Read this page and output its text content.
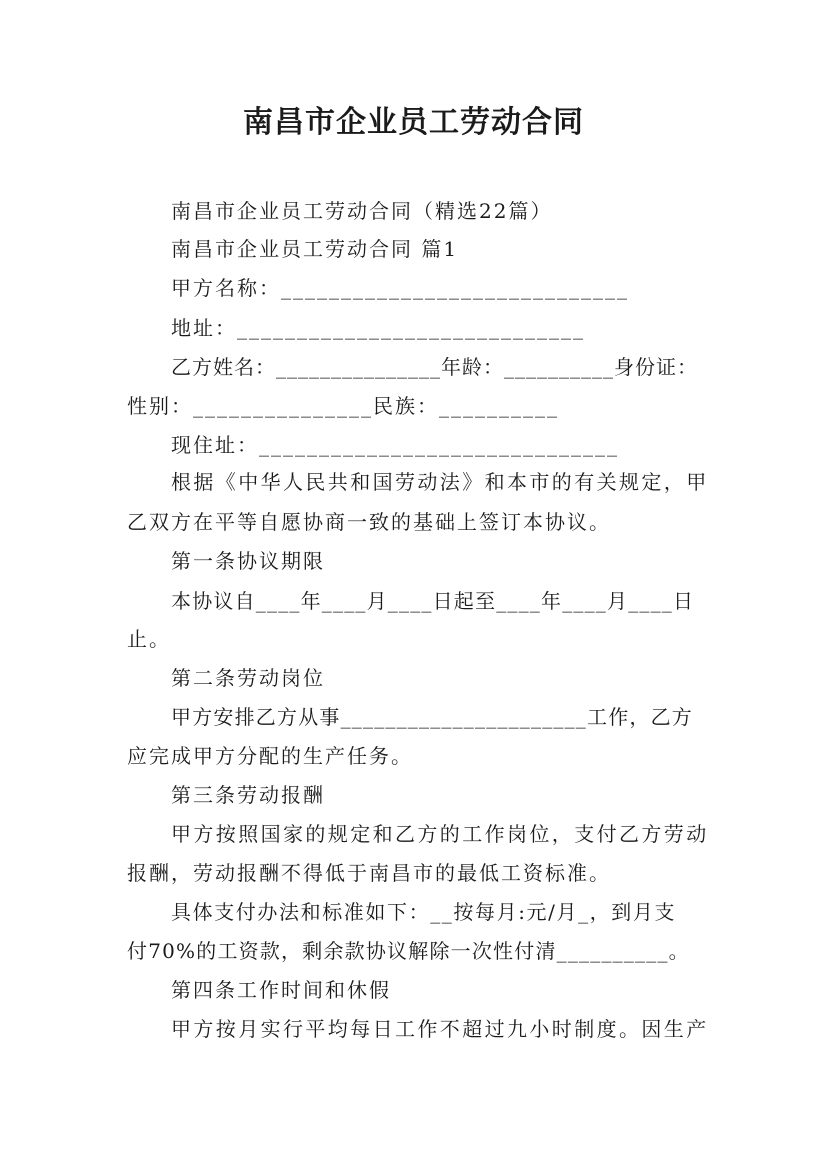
南昌市企业员工劳动合同
南昌市企业员工劳动合同（精选22篇）
南昌市企业员工劳动合同 篇1
甲方名称：_____________________________
地址：_____________________________
乙方姓名：_______________年龄：__________身份证：
性别：_______________民族：__________
现住址：______________________________
根据《中华人民共和国劳动法》和本市的有关规定，甲
乙双方在平等自愿协商一致的基础上签订本协议。
第一条协议期限
本协议自____年____月____日起至____年____月____日
止。
第二条劳动岗位
甲方安排乙方从事______________________工作，乙方
应完成甲方分配的生产任务。
第三条劳动报酬
甲方按照国家的规定和乙方的工作岗位，支付乙方劳动
报酬，劳动报酬不得低于南昌市的最低工资标准。
具体支付办法和标准如下：__按每月:元/月_，到月支
付70%的工资款，剩余款协议解除一次性付清__________。
第四条工作时间和休假
甲方按月实行平均每日工作不超过九小时制度。因生产
